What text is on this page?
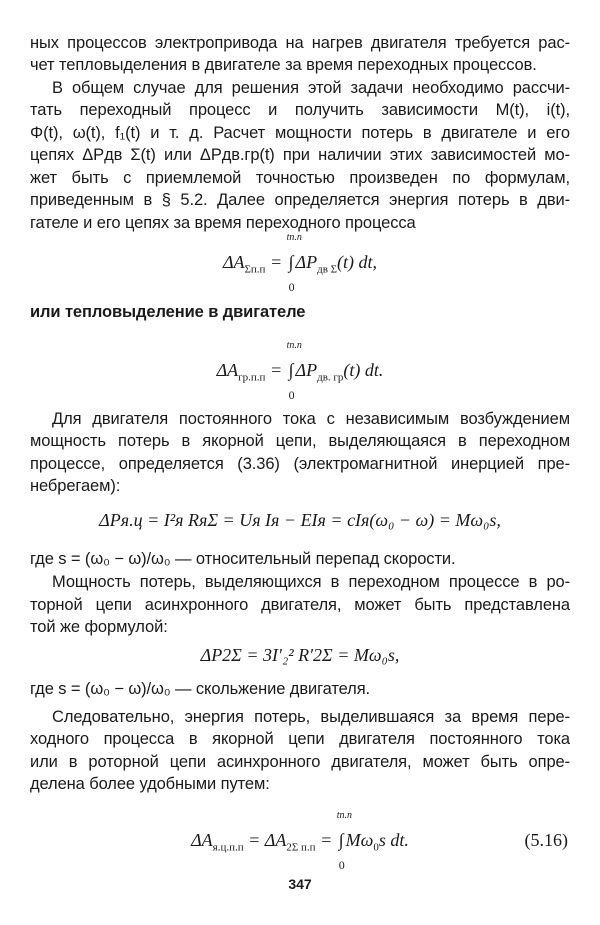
ных процессов электропривода на нагрев двигателя требуется рас-
чет тепловыделения в двигателе за время переходных процессов.
В общем случае для решения этой задачи необходимо рассчи-
тать переходный процесс и получить зависимости M(t), i(t),
Φ(t), ω(t), f₁(t) и т. д. Расчет мощности потерь в двигателе и его
цепях ΔPдв Σ(t) или ΔPдв.гр(t) при наличии этих зависимостей мо-
жет быть с приемлемой точностью произведен по формулам,
приведенным в § 5.2. Далее определяется энергия потерь в дви-
гателе и его цепях за время переходного процесса
или тепловыделение в двигателе
Для двигателя постоянного тока с независимым возбуждением
мощность потерь в якорной цепи, выделяющаяся в переходном
процессе, определяется (3.36) (электромагнитной инерцией пре-
небрегаем):
где s = (ω₀ − ω)/ω₀ — относительный перепад скорости.
Мощность потерь, выделяющихся в переходном процессе в ро-
торной цепи асинхронного двигателя, может быть представлена
той же формулой:
где s = (ω₀ − ω)/ω₀ — скольжение двигателя.
Следовательно, энергия потерь, выделившаяся за время пере-
ходного процесса в якорной цепи двигателя постоянного тока
или в роторной цепи асинхронного двигателя, может быть опре-
делена более удобными путем:
ΔPя.ц = I²я RяΣ = Uя Iя − EIя = cIя(ω₀ − ω) = Mω₀s,
ΔP2Σ = 3I′₂² R′2Σ = Mω₀s,
$\Delta A_{\Sigma п.п}$ =
tп.п
∫
0
$\Delta P_{дв \Sigma}(t)$ dt,
$\Delta A_{гр.п.п}$ =
tп.п
∫
0
$\Delta P_{дв. гр}(t)$ dt.
$\Delta A_{я.ц.п.п} = \Delta A_{2\Sigma п.п}$ =
tп.п
∫
0
$M\omega_0s$ dt.	(5.16)
347
